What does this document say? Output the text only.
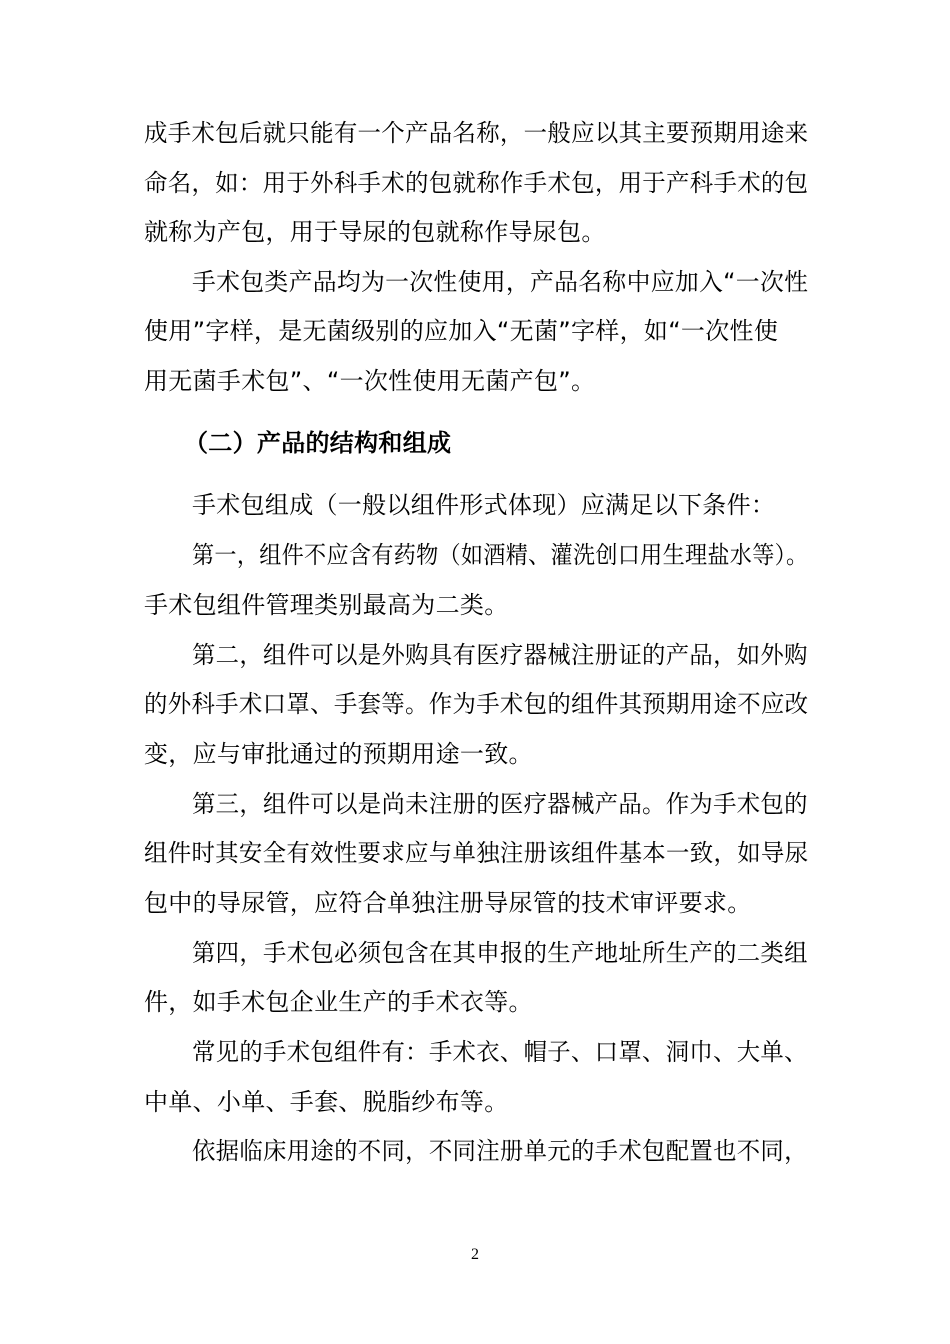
成手术包后就只能有一个产品名称，一般应以其主要预期用途来
命名，如：用于外科手术的包就称作手术包，用于产科手术的包
就称为产包，用于导尿的包就称作导尿包。
手术包类产品均为一次性使用，产品名称中应加入“一次性
使用”字样，是无菌级别的应加入“无菌”字样，如“一次性使
用无菌手术包”、“一次性使用无菌产包”。
（二）产品的结构和组成
手术包组成（一般以组件形式体现）应满足以下条件：
第一，组件不应含有药物（如酒精、灌洗创口用生理盐水等）。
手术包组件管理类别最高为二类。
第二，组件可以是外购具有医疗器械注册证的产品，如外购
的外科手术口罩、手套等。作为手术包的组件其预期用途不应改
变，应与审批通过的预期用途一致。
第三，组件可以是尚未注册的医疗器械产品。作为手术包的
组件时其安全有效性要求应与单独注册该组件基本一致，如导尿
包中的导尿管，应符合单独注册导尿管的技术审评要求。
第四，手术包必须包含在其申报的生产地址所生产的二类组
件，如手术包企业生产的手术衣等。
常见的手术包组件有：手术衣、帽子、口罩、洞巾、大单、
中单、小单、手套、脱脂纱布等。
依据临床用途的不同，不同注册单元的手术包配置也不同，
2
